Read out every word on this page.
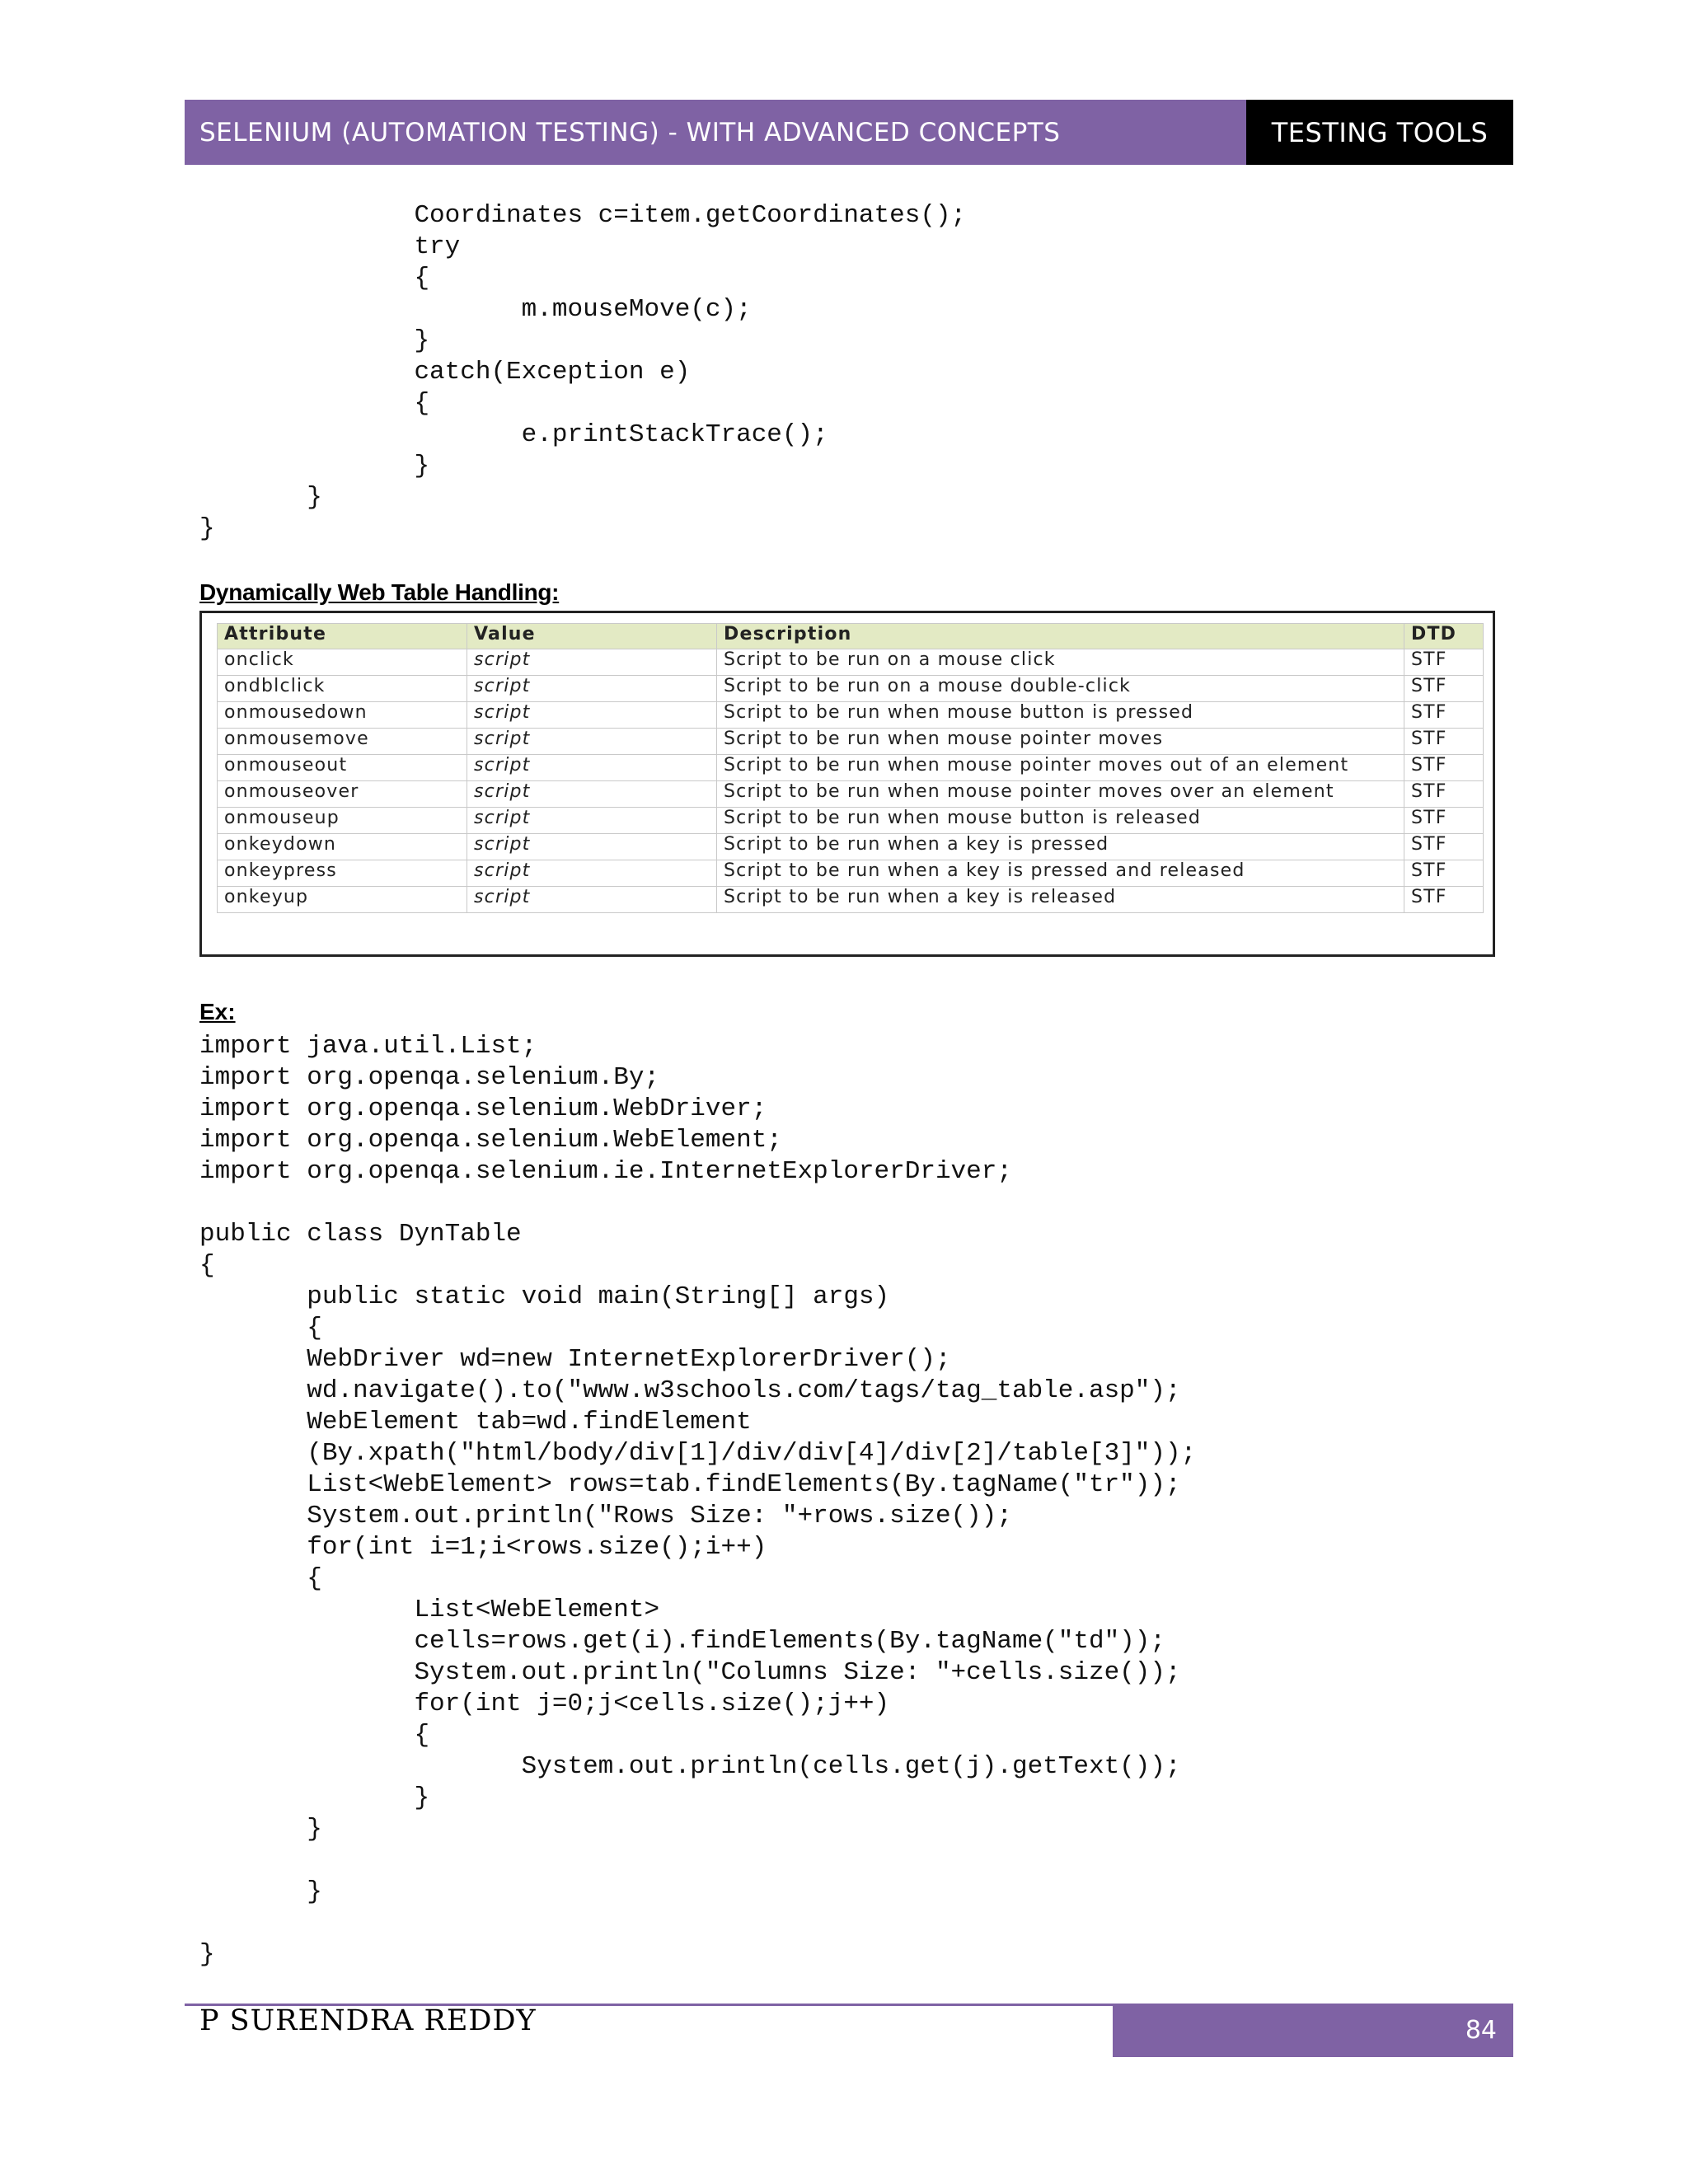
SELENIUM (AUTOMATION TESTING) - WITH ADVANCED CONCEPTS	TESTING TOOLS
Coordinates c=item.getCoordinates();
try
{
m.mouseMove(c);
}
catch(Exception e)
{
e.printStackTrace();
}
}
}
Dynamically Web Table Handling:
Attribute	Value	Description	DTD
onclick	script	Script to be run on a mouse click	STF
ondblclick	script	Script to be run on a mouse double-click	STF
onmousedown	script	Script to be run when mouse button is pressed	STF
onmousemove	script	Script to be run when mouse pointer moves	STF
onmouseout	script	Script to be run when mouse pointer moves out of an element	STF
onmouseover	script	Script to be run when mouse pointer moves over an element	STF
onmouseup	script	Script to be run when mouse button is released	STF
onkeydown	script	Script to be run when a key is pressed	STF
onkeypress	script	Script to be run when a key is pressed and released	STF
onkeyup	script	Script to be run when a key is released	STF
Ex:
import java.util.List;
import org.openqa.selenium.By;
import org.openqa.selenium.WebDriver;
import org.openqa.selenium.WebElement;
import org.openqa.selenium.ie.InternetExplorerDriver;

public class DynTable
{
public static void main(String[] args)
{
WebDriver wd=new InternetExplorerDriver();
wd.navigate().to("www.w3schools.com/tags/tag_table.asp");
WebElement tab=wd.findElement
(By.xpath("html/body/div[1]/div/div[4]/div[2]/table[3]"));
List<WebElement> rows=tab.findElements(By.tagName("tr"));
System.out.println("Rows Size: "+rows.size());
for(int i=1;i<rows.size();i++)
{
List<WebElement>
cells=rows.get(i).findElements(By.tagName("td"));
System.out.println("Columns Size: "+cells.size());
for(int j=0;j<cells.size();j++)
{
System.out.println(cells.get(j).getText());
}
}

}

}
P SURENDRA REDDY	84
